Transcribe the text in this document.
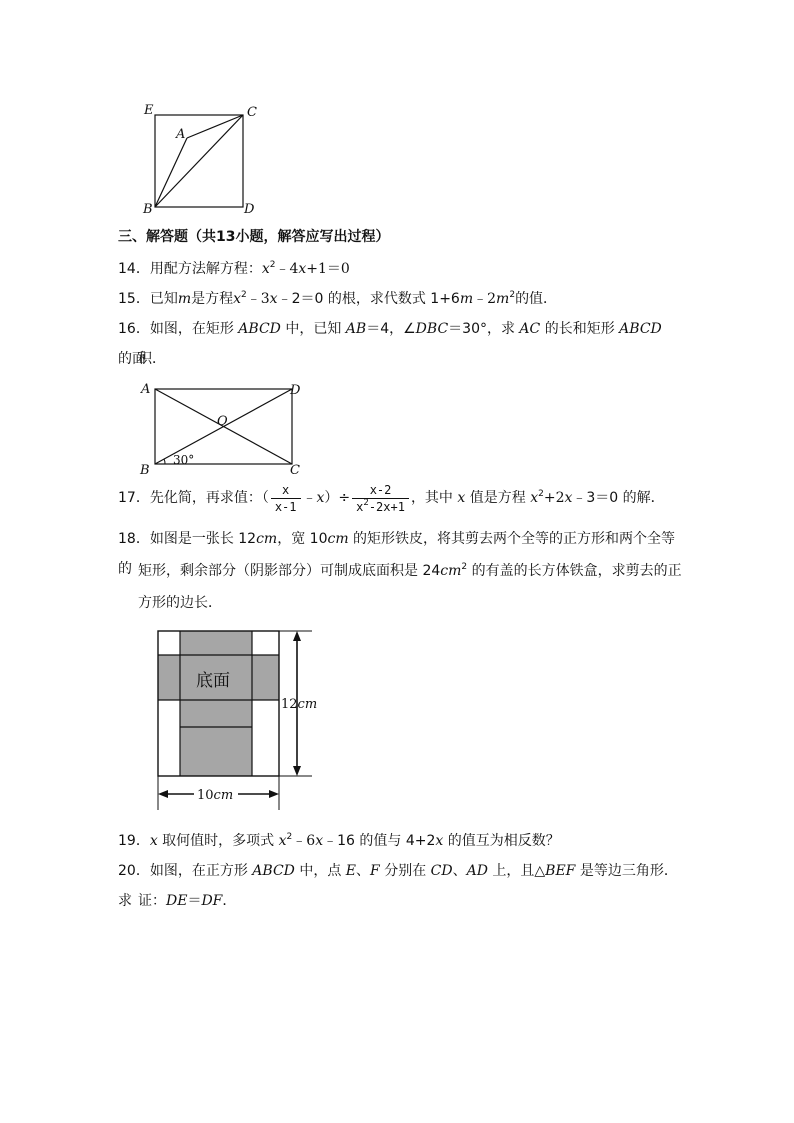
E	C
A
B	D
三、解答题（共13小题，解答应写出过程）
14．用配方法解方程：$x^2﹣4x+1=0$
15．已知m是方程$x^2﹣3x﹣2=0$ 的根，求代数式 $1+6m﹣2m^2$的值．
16．如图，在矩形 ABCD 中，已知 AB＝4，∠DBC＝30°，求 AC 的长和矩形 ABCD 的面
积．
A	D
O
B	C
30°
17．先化简，再求值：（ $\frac{x}{x-1}$ ﹣x）÷ $\frac{x-2}{x^2-2x+1}$ ，其中 x 值是方程 $x^2+2x﹣3=0$ 的解．
18．如图是一张长 12cm，宽 10cm 的矩形铁皮，将其剪去两个全等的正方形和两个全等的 矩形，剩余部分（阴影部分）可制成底面积是 $24cm^2$ 的有盖的长方体铁盒，求剪去的正
方形的边长．
底面
12cm
10cm
19．x 取何值时，多项式 $x^2﹣6x﹣16$ 的值与 4+2x 的值互为相反数？
20．如图，在正方形 ABCD 中，点 E、F 分别在 CD、AD 上，且△BEF 是等边三角形．求 证：DE＝DF．
